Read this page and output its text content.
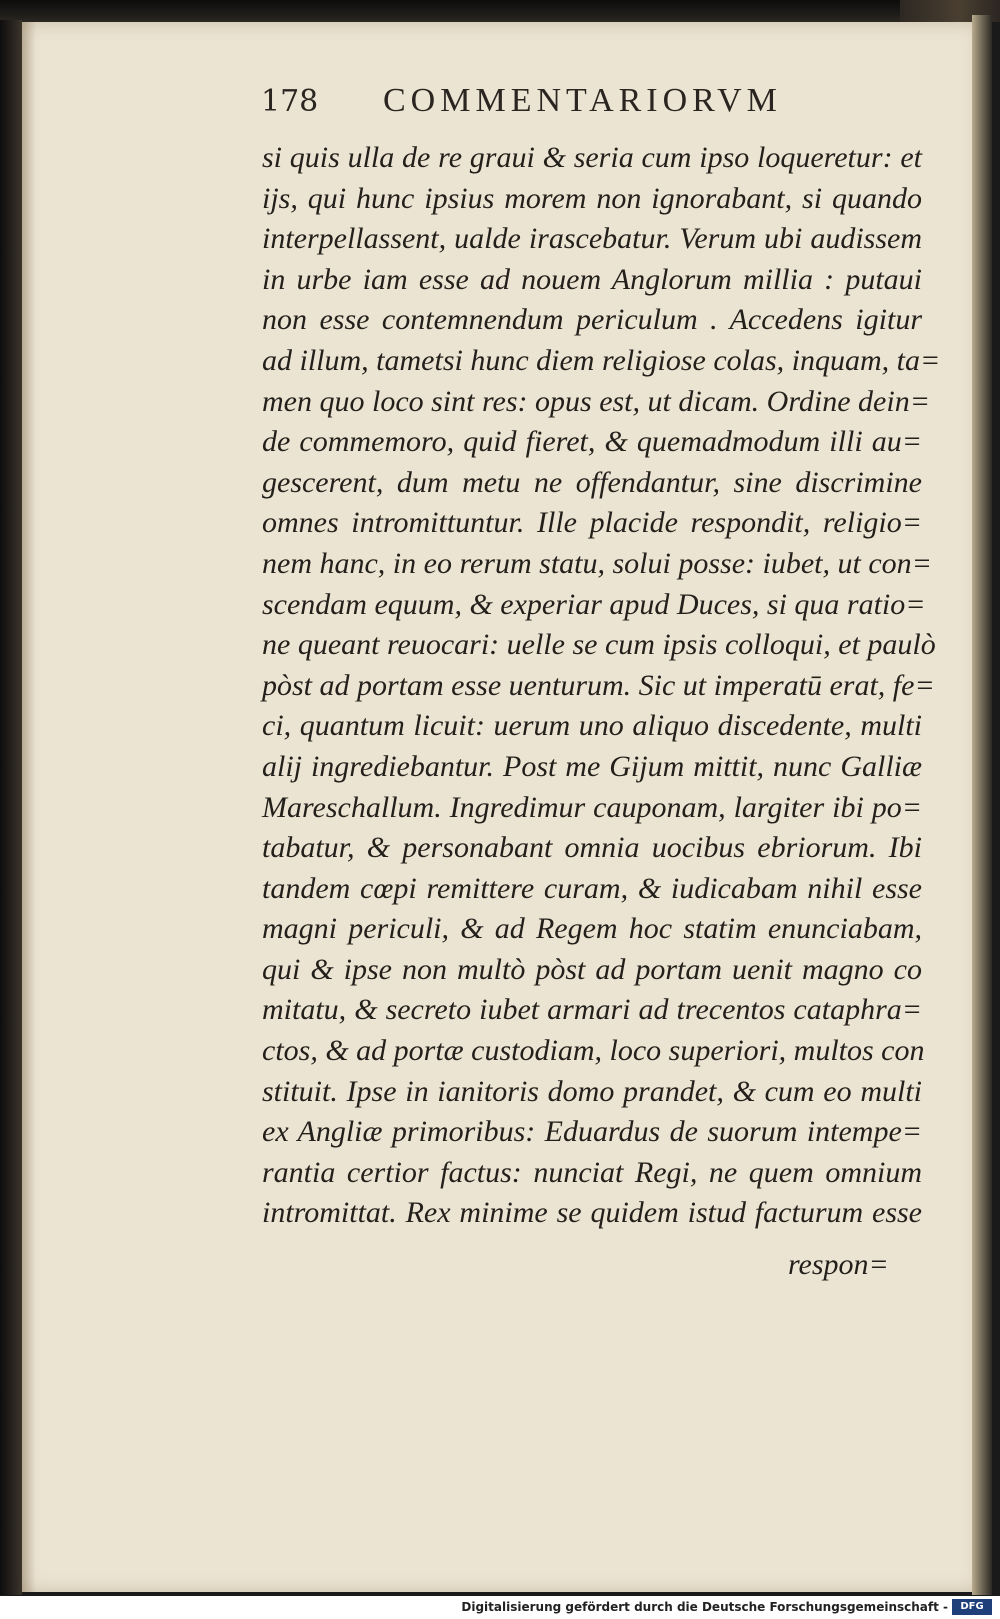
178 COMMENTARIORVM
si quis ulla de re graui & seria cum ipso loqueretur: et
ijs, qui hunc ipsius morem non ignorabant, si quando
interpellassent, ualde irascebatur. Verum ubi audissem
in urbe iam esse ad nouem Anglorum millia : putaui
non esse contemnendum periculum . Accedens igitur
ad illum, tametsi hunc diem religiose colas, inquam, ta=
men quo loco sint res: opus est, ut dicam. Ordine dein=
de commemoro, quid fieret, & quemadmodum illi au=
gescerent, dum metu ne offendantur, sine discrimine
omnes intromittuntur. Ille placide respondit, religio=
nem hanc, in eo rerum statu, solui posse: iubet, ut con=
scendam equum, & experiar apud Duces, si qua ratio=
ne queant reuocari: uelle se cum ipsis colloqui, et paulò
pòst ad portam esse uenturum. Sic ut imperatū erat, fe=
ci, quantum licuit: uerum uno aliquo discedente, multi
alij ingrediebantur. Post me Gijum mittit, nunc Galliæ
Mareschallum. Ingredimur cauponam, largiter ibi po=
tabatur, & personabant omnia uocibus ebriorum. Ibi
tandem cœpi remittere curam, & iudicabam nihil esse
magni periculi, & ad Regem hoc statim enunciabam,
qui & ipse non multò pòst ad portam uenit magno co
mitatu, & secreto iubet armari ad trecentos cataphra=
ctos, & ad portæ custodiam, loco superiori, multos con
stituit. Ipse in ianitoris domo prandet, & cum eo multi
ex Angliæ primoribus: Eduardus de suorum intempe=
rantia certior factus: nunciat Regi, ne quem omnium
intromittat. Rex minime se quidem istud facturum esse
respon=
Digitalisierung gefördert durch die Deutsche Forschungsgemeinschaft -	DFG
